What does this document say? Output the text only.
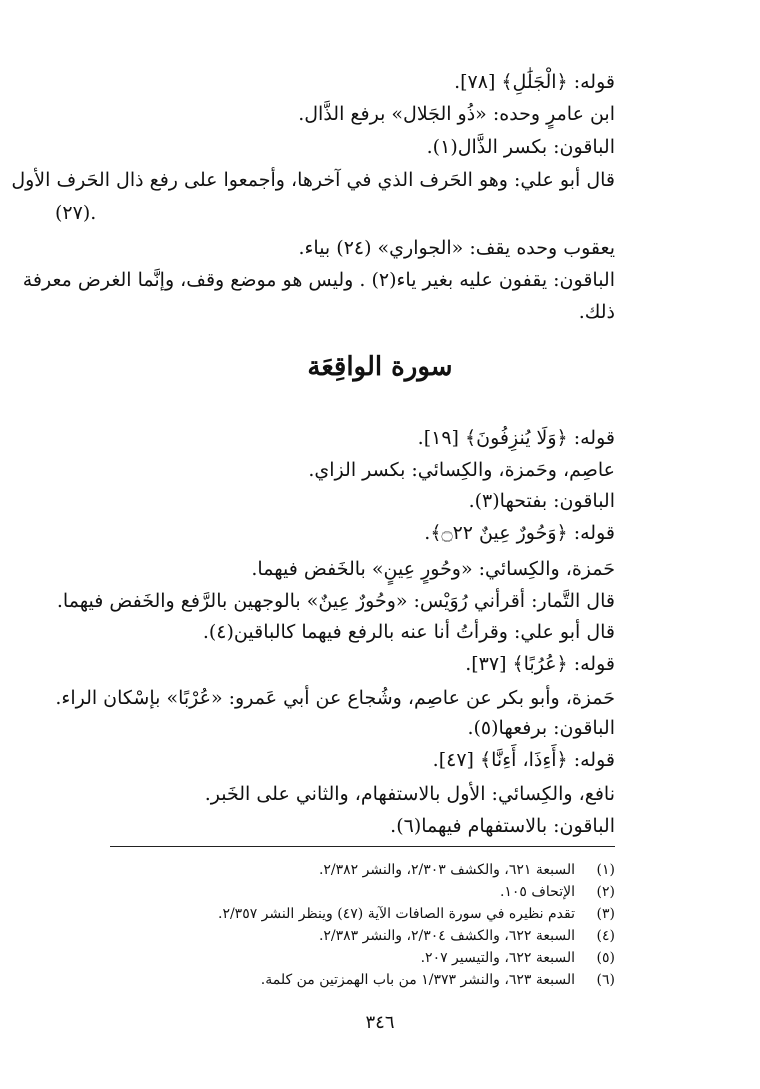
قوله: ﴿الْجَلَٰلِ﴾ [٧٨].
ابن عامرٍ وحده: «ذُو الجَلال» برفع الذَّال.
الباقون: بكسر الذَّال(١).
قال أبو علي: وهو الحَرف الذي في آخرها، وأجمعوا على رفع ذال الحَرف الأول
(٢٧).
يعقوب وحده يقف: «الجواري» (٢٤) بياء.
الباقون: يقفون عليه بغير ياء(٢) . وليس هو موضع وقف، وإنَّما الغرض معرفة
ذلك.
سورة الواقِعَة
قوله: ﴿وَلَا يُنزِفُونَ﴾ [١٩].
عاصِم، وحَمزة، والكِسائي: بكسر الزاي.
الباقون: بفتحها(٣).
قوله: ﴿وَحُورٌ عِينٌ ۝٢٢﴾.
حَمزة، والكِسائي: «وحُورٍ عِينٍ» بالخَفض فيهما.
قال التَّمار: أقرأني رُوَيْس: «وحُورٌ عِينٌ» بالوجهين بالرَّفع والخَفض فيهما.
قال أبو علي: وقرأتُ أنا عنه بالرفع فيهما كالباقين(٤).
قوله: ﴿عُرُبًا﴾ [٣٧].
حَمزة، وأبو بكر عن عاصِم، وشُجاع عن أبي عَمرو: «عُرْبًا» بإسْكان الراء.
الباقون: برفعها(٥).
قوله: ﴿أَءِذَا، أَءِنَّا﴾ [٤٧].
نافع، والكِسائي: الأول بالاستفهام، والثاني على الخَبر.
الباقون: بالاستفهام فيهما(٦).
(١)السبعة ٦٢١، والكشف ٢/٣٠٣، والنشر ٢/٣٨٢.
(٢)الإتحاف ١٠٥.
(٣)تقدم نظيره في سورة الصافات الآية (٤٧) وينظر النشر ٢/٣٥٧.
(٤)السبعة ٦٢٢، والكشف ٢/٣٠٤، والنشر ٢/٣٨٣.
(٥)السبعة ٦٢٢، والتيسير ٢٠٧.
(٦)السبعة ٦٢٣، والنشر ١/٣٧٣ من باب الهمزتين من كلمة.
٣٤٦
